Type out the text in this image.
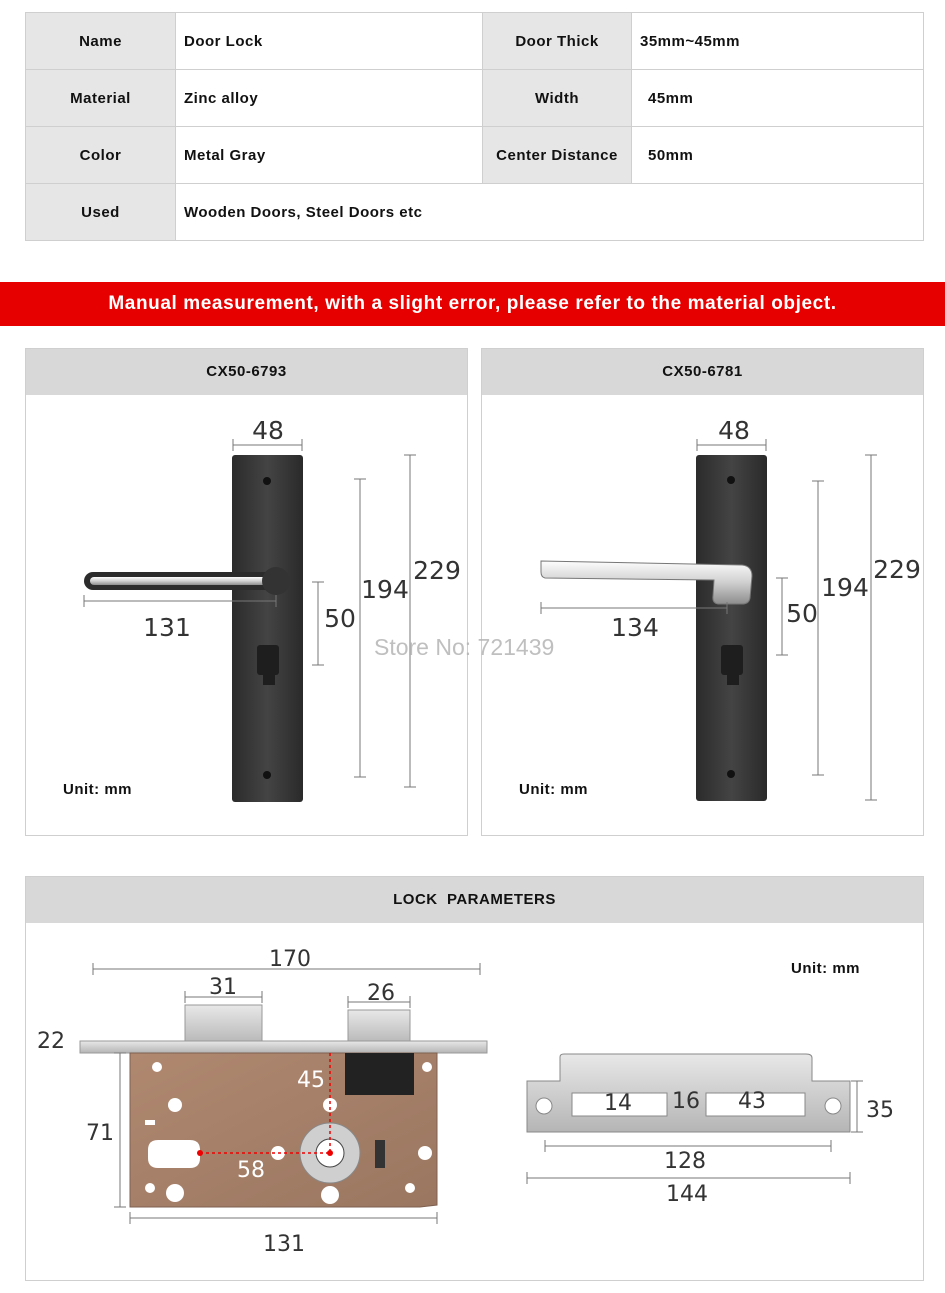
Name	Door Lock	Door Thick	35mm~45mm
Material	Zinc alloy	Width	45mm
Color	Metal Gray	Center Distance	50mm
Used	Wooden Doors, Steel Doors etc		
Manual measurement, with a slight error, please refer to the material object.
CX50-6793
Unit: mm
CX50-6781
Unit: mm
48
131	50
194
229
48
134	50
194
229
Store No: 721439
LOCK  PARAMETERS
Unit: mm
170
31	26
22
71
45
58
131
14 16 43	35
128
144
